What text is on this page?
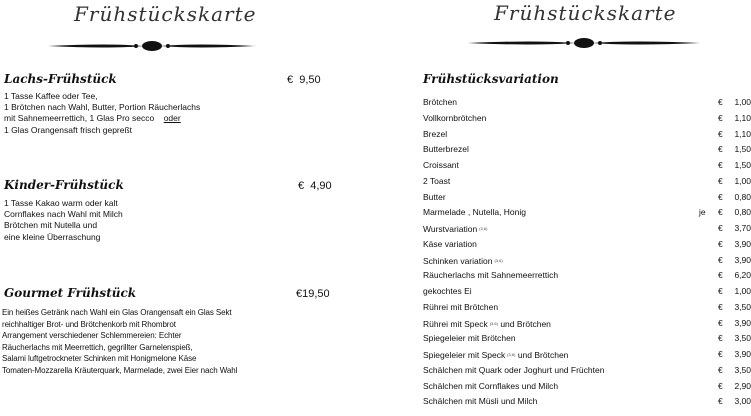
Frühstückskarte
Lachs-Frühstück	€  9,50
1 Tasse Kaffee oder Tee,
1 Brötchen nach Wahl, Butter, Portion Räucherlachs
mit Sahnemeerrettich, 1 Glas Pro secco oder
1 Glas Orangensaft frisch gepreßt
Kinder-Frühstück	€  4,90
1 Tasse Kakao warm oder kalt
Cornflakes nach Wahl mit Milch
Brötchen mit Nutella und
eine kleine Überraschung
Gourmet Frühstück	€19,50
Ein heißes Getränk nach Wahl ein Glas Orangensaft ein Glas Sekt
reichhaltiger Brot- und Brötchenkorb mit Rhombrot
Arrangement verschiedener Schlemmereien: Echter
Räucherlachs mit Meerrettich, gegrillter Garnelenspieß,
Salami luftgetrockneter Schinken mit Honigmelone Käse
Tomaten-Mozzarella Kräuterquark, Marmelade, zwei Eier nach Wahl
Frühstückskarte
Frühstücksvariation
Brötchen	€ 1,00
Vollkornbrötchen	€ 1,10
Brezel	€ 1,10
Butterbrezel	€ 1,50
Croissant	€ 1,50
2 Toast	€ 1,00
Butter	€ 0,80
Marmelade , Nutella, Honig	je € 0,80
Wurstvariation $^{(3,6)}$	€ 3,70
Käse variation	€ 3,90
Schinken variation $^{(3,6)}$	€ 3,90
Räucherlachs mit Sahnemeerrettich	€ 6,20
gekochtes Ei	€ 1,00
Rührei mit Brötchen	€ 3,50
Rührei mit Speck $^{(3,6)}$ und Brötchen	€ 3,90
Spiegeleier mit Brötchen	€ 3,50
Spiegeleier mit Speck $^{(3,6)}$ und Brötchen	€ 3,90
Schälchen mit Quark oder Joghurt und Früchten	€ 3,50
Schälchen mit Cornflakes und Milch	€ 2,90
Schälchen mit Müsli und Milch	€ 3,00
